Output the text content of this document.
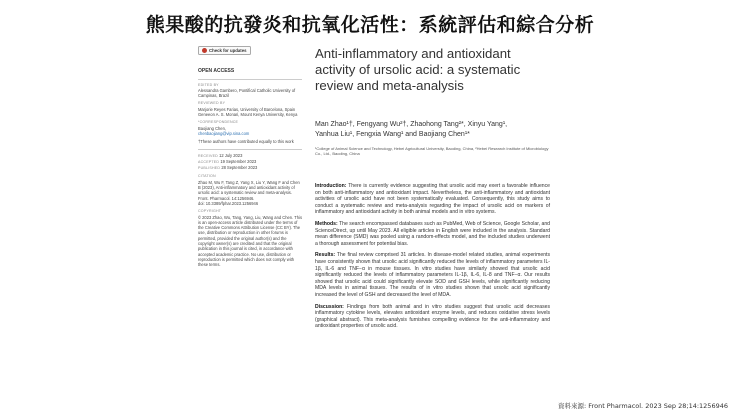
熊果酸的抗發炎和抗氧化活性：系統評估和綜合分析
Check for updates
OPEN ACCESS
EDITED BY
Alessandra Gambero, Pontifical Catholic University of Campinas, Brazil
REVIEWED BY
Marjorie Reyes Farias, University of Barcelona, Spain
Geneeon A. S. Monari, Mount Kenya University, Kenya
*CORRESPONDENCE
Baojiang Chen,
chenbaojiang@vip.sina.com
†These authors have contributed equally to this work
RECEIVED 12 July 2023
ACCEPTED 19 September 2023
PUBLISHED 28 September 2023
CITATION
Zhao M, Wu F, Tang Z, Yang X, Liu Y, Wang F and Chen B (2023), Anti-inflammatory and antioxidant activity of ursolic acid: a systematic review and meta-analysis.
Front. Pharmacol. 14:1256946.
doi: 10.3389/fphar.2023.1256946
COPYRIGHT
© 2023 Zhao, Wu, Tang, Yang, Liu, Wang and Chen. This is an open-access article distributed under the terms of the Creative Commons Attribution License (CC BY). The use, distribution or reproduction in other forums is permitted, provided the original author(s) and the copyright owner(s) are credited and that the original publication in this journal is cited, in accordance with accepted academic practice. No use, distribution or reproduction is permitted which does not comply with these terms.
Anti-inflammatory and antioxidant activity of ursolic acid: a systematic review and meta-analysis
Man Zhao¹†, Fengyang Wu²†, Zhaohong Tang²*, Xinyu Yang¹,
Yanhua Liu¹, Fengxia Wang¹ and Baojiang Chen¹*
¹College of Animal Science and Technology, Hebei Agricultural University, Baoding, China, ²Hebei Research Institute of Microbiology Co., Ltd., Baoding, China

Introduction: There is currently evidence suggesting that ursolic acid may exert a favorable influence on both anti-inflammatory and antioxidant impact. Nevertheless, the anti-inflammatory and antioxidant activities of ursolic acid have not been systematically evaluated. Consequently, this study aims to conduct a systematic review and meta-analysis regarding the impact of ursolic acid on markers of inflammatory and antioxidant activity in both animal models and in vitro systems.

Methods: The search encompassed databases such as PubMed, Web of Science, Google Scholar, and ScienceDirect, up until May 2023. All eligible articles in English were included in the analysis. Standard mean difference (SMD) was pooled using a random-effects model, and the included studies underwent a thorough assessment for potential bias.

Results: The final review comprised 31 articles. In disease-model related studies, animal experiments have consistently shown that ursolic acid significantly reduced the levels of inflammatory parameters IL-1β, IL-6 and TNF−α in mouse tissues. In vitro studies have similarly showed that ursolic acid significantly reduced the levels of inflammatory parameters IL-1β, IL-6, IL-8 and TNF−α. Our results showed that ursolic acid could significantly elevate SOD and GSH levels, while significantly reducing MDA levels in animal tissues. The results of in vitro studies shown that ursolic acid significantly increased the level of GSH and decreased the level of MDA.

Discussion: Findings from both animal and in vitro studies suggest that ursolic acid decreases inflammatory cytokine levels, elevates antioxidant enzyme levels, and reduces oxidative stress levels (graphical abstract). This meta-analysis furnishes compelling evidence for the anti-inflammatory and antioxidant properties of ursolic acid.

資料來源: Front Pharmacol. 2023 Sep 28;14:1256946
